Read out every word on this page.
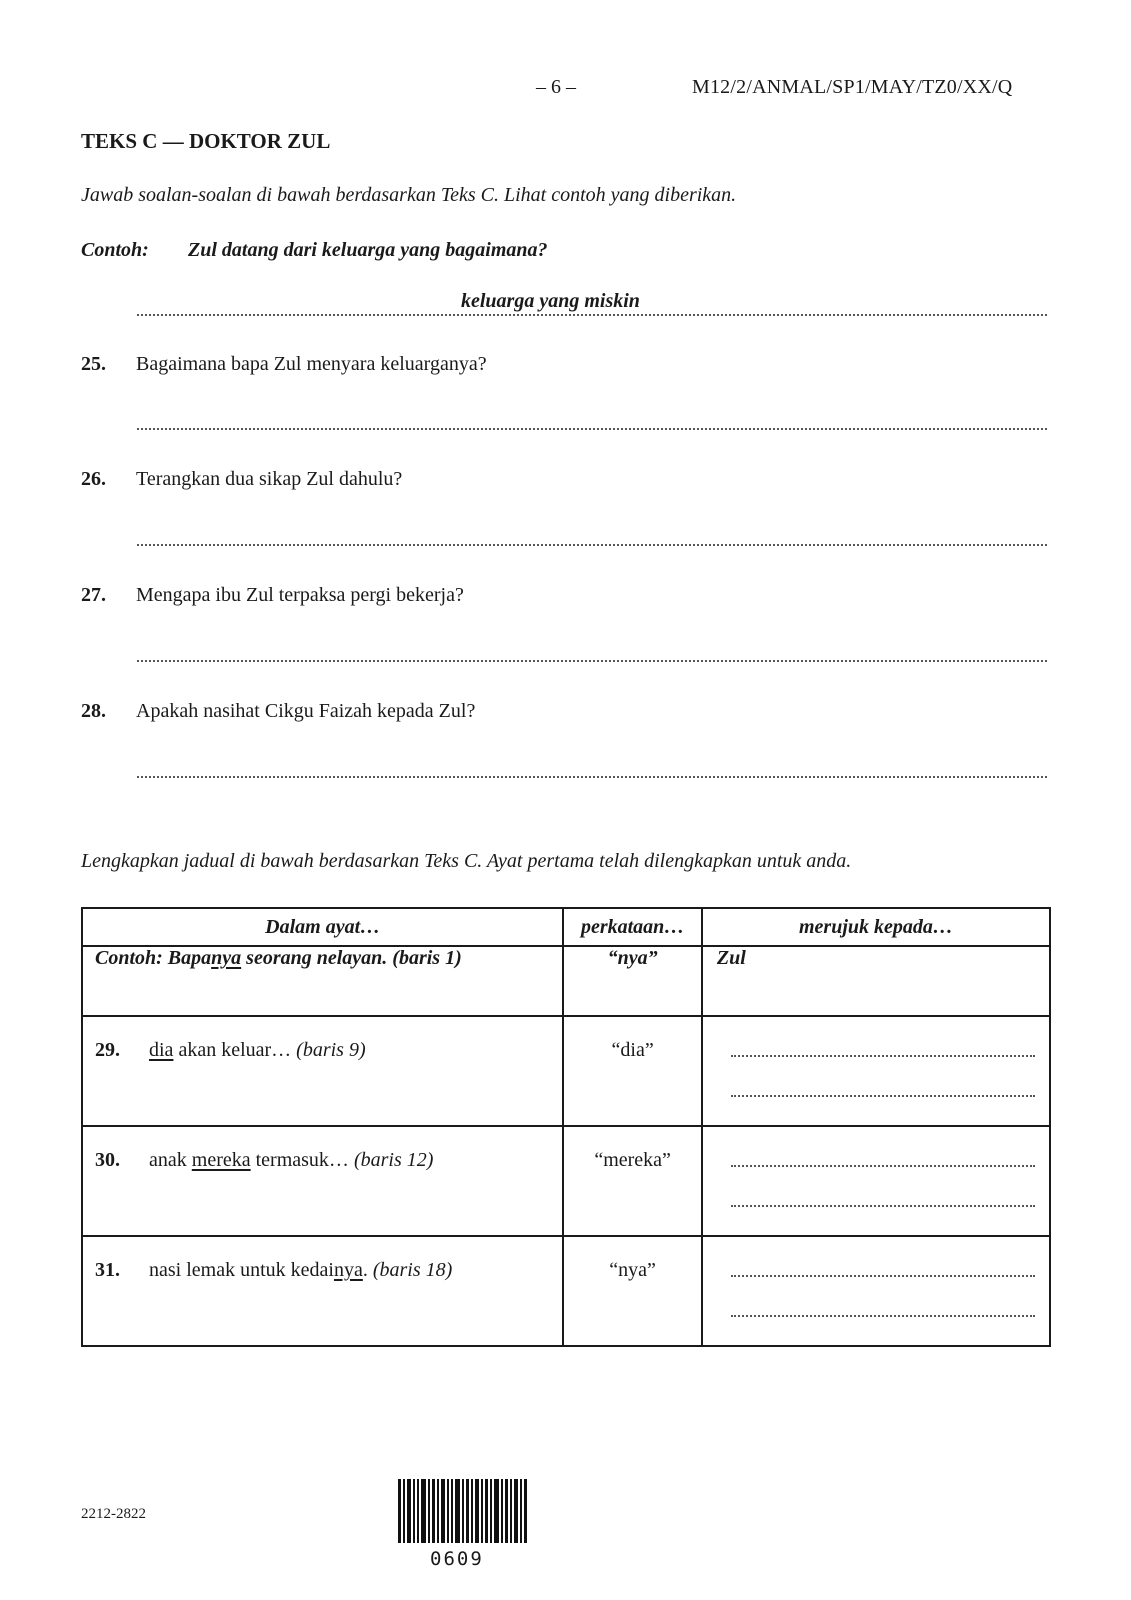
– 6 –	M12/2/ANMAL/SP1/MAY/TZ0/XX/Q
TEKS C — DOKTOR ZUL
Jawab soalan-soalan di bawah berdasarkan Teks C. Lihat contoh yang diberikan.
Contoh: Zul datang dari keluarga yang bagaimana?
keluarga yang miskin
25. Bagaimana bapa Zul menyara keluarganya?
26. Terangkan dua sikap Zul dahulu?
27. Mengapa ibu Zul terpaksa pergi bekerja?
28. Apakah nasihat Cikgu Faizah kepada Zul?
Lengkapkan jadual di bawah berdasarkan Teks C. Ayat pertama telah dilengkapkan untuk anda.
Dalam ayat…	perkataan…	merujuk kepada…
Contoh: Bapanya seorang nelayan. (baris 1)	“nya”	Zul

29. dia akan keluar… (baris 9)	“dia”	

30. anak mereka termasuk… (baris 12)	“mereka”	

31. nasi lemak untuk kedainya. (baris 18)	“nya”	

2212-2822
0609
